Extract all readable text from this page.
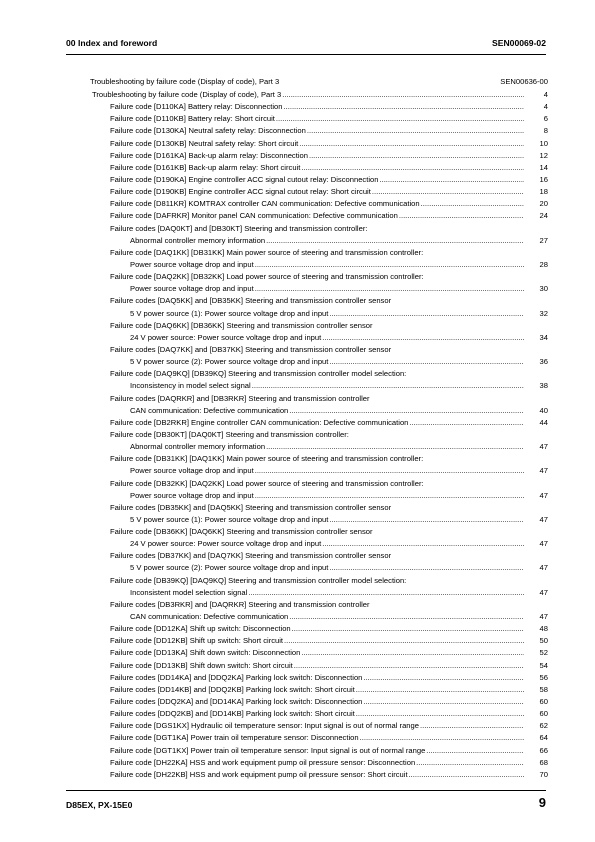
00 Index and foreword	SEN00069-02
Troubleshooting by failure code (Display of code), Part 3	SEN00636-00
Troubleshooting by failure code (Display of code), Part 3 .....	4
Failure code [D110KA] Battery relay: Disconnection .....	4
Failure code [D110KB] Battery relay: Short circuit .....	6
Failure code [D130KA] Neutral safety relay: Disconnection .....	8
Failure code [D130KB] Neutral safety relay: Short circuit .....	10
Failure code [D161KA] Back-up alarm relay: Disconnection .....	12
Failure code [D161KB] Back-up alarm relay: Short circuit .....	14
Failure code [D190KA] Engine controller ACC signal cutout relay: Disconnection .....	16
Failure code [D190KB] Engine controller ACC signal cutout relay: Short circuit .....	18
Failure code [D811KR] KOMTRAX controller CAN communication: Defective communication .....	20
Failure code [DAFRKR] Monitor panel CAN communication: Defective communication .....	24
Failure codes [DAQ0KT] and [DB30KT] Steering and transmission controller:
Abnormal controller memory information .....	27
Failure code [DAQ1KK] [DB31KK] Main power source of steering and transmission controller:
Power source voltage drop and input .....	28
Failure code [DAQ2KK] [DB32KK] Load power source of steering and transmission controller:
Power source voltage drop and input .....	30
Failure codes [DAQ5KK] and [DB35KK] Steering and transmission controller sensor
5 V power source (1): Power source voltage drop and input .....	32
Failure code [DAQ6KK] [DB36KK] Steering and transmission controller sensor
24 V power source: Power source voltage drop and input .....	34
Failure codes [DAQ7KK] and [DB37KK] Steering and transmission controller sensor
5 V power source (2): Power source voltage drop and input .....	36
Failure code [DAQ9KQ] [DB39KQ] Steering and transmission controller model selection:
Inconsistency in model select signal .....	38
Failure codes [DAQRKR] and [DB3RKR] Steering and transmission controller
CAN communication: Defective communication .....	40
Failure code [DB2RKR] Engine controller CAN communication: Defective communication .....	44
Failure code [DB30KT] [DAQ0KT] Steering and transmission controller:
Abnormal controller memory information .....	47
Failure code [DB31KK] [DAQ1KK] Main power source of steering and transmission controller:
Power source voltage drop and input .....	47
Failure code [DB32KK] [DAQ2KK] Load power source of steering and transmission controller:
Power source voltage drop and input .....	47
Failure codes [DB35KK] and [DAQ5KK] Steering and transmission controller sensor
5 V power source (1): Power source voltage drop and input .....	47
Failure code [DB36KK] [DAQ6KK] Steering and transmission controller sensor
24 V power source: Power source voltage drop and input .....	47
Failure codes [DB37KK] and [DAQ7KK] Steering and transmission controller sensor
5 V power source (2): Power source voltage drop and input .....	47
Failure code [DB39KQ] [DAQ9KQ] Steering and transmission controller model selection:
Inconsistent model selection signal .....	47
Failure codes [DB3RKR] and [DAQRKR] Steering and transmission controller
CAN communication: Defective communication .....	47
Failure code [DD12KA] Shift up switch: Disconnection .....	48
Failure code [DD12KB] Shift up switch: Short circuit .....	50
Failure code [DD13KA] Shift down switch: Disconnection .....	52
Failure code [DD13KB] Shift down switch: Short circuit .....	54
Failure codes [DD14KA] and [DDQ2KA] Parking lock switch: Disconnection .....	56
Failure codes [DD14KB] and [DDQ2KB] Parking lock switch: Short circuit .....	58
Failure codes [DDQ2KA] and [DD14KA] Parking lock switch: Disconnection .....	60
Failure codes [DDQ2KB] and [DD14KB] Parking lock switch: Short circuit .....	60
Failure code [DGS1KX] Hydraulic oil temperature sensor: Input signal is out of normal range .....	62
Failure code [DGT1KA] Power train oil temperature sensor: Disconnection .....	64
Failure code [DGT1KX] Power train oil temperature sensor: Input signal is out of normal range .....	66
Failure code [DH22KA] HSS and work equipment pump oil pressure sensor: Disconnection .....	68
Failure code [DH22KB] HSS and work equipment pump oil pressure sensor: Short circuit .....	70
D85EX, PX-15E0	9
